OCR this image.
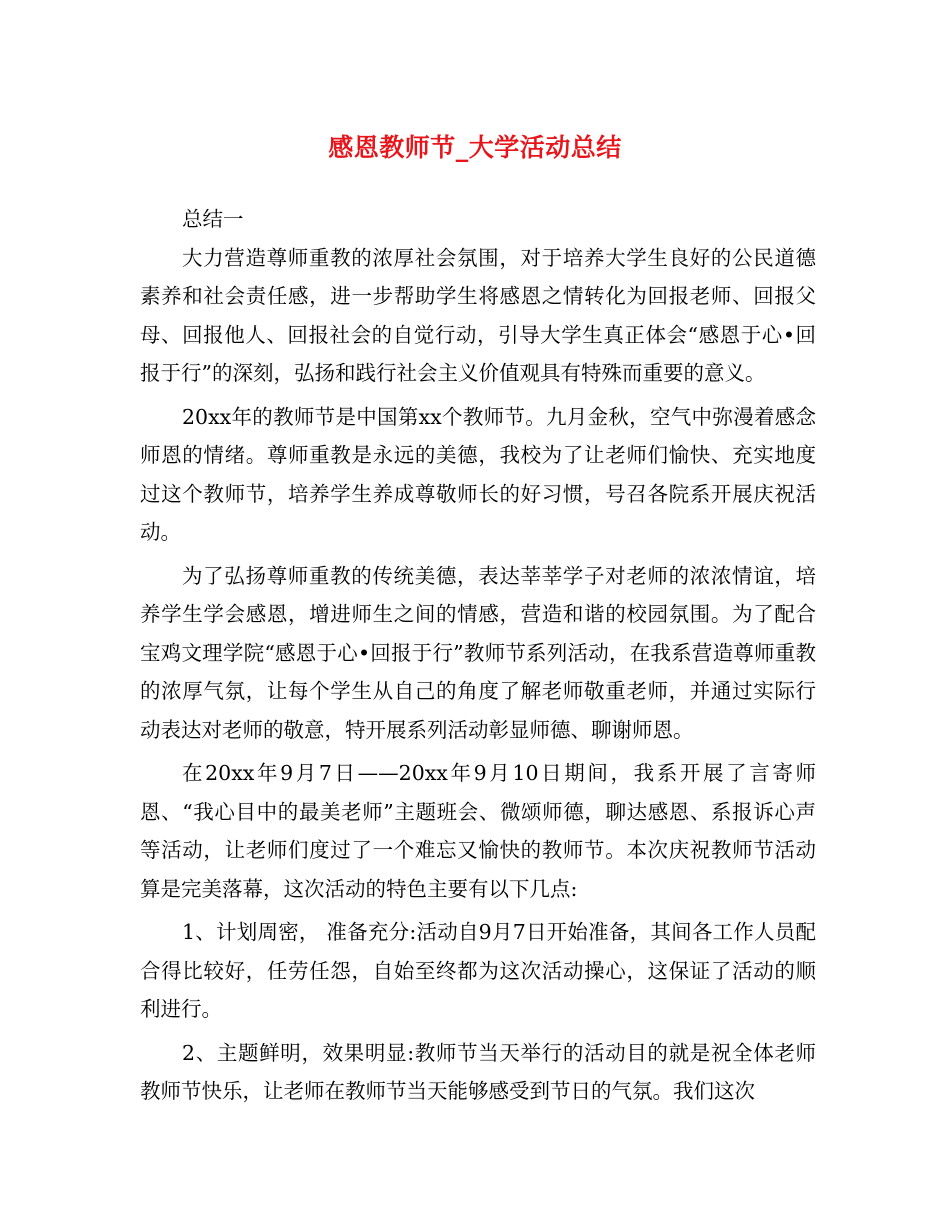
感恩教师节_大学活动总结

总结一

大力营造尊师重教的浓厚社会氛围，对于培养大学生良好的公民道德素养和社会责任感，进一步帮助学生将感恩之情转化为回报老师、回报父母、回报他人、回报社会的自觉行动，引导大学生真正体会“感恩于心•回报于行”的深刻，弘扬和践行社会主义价值观具有特殊而重要的意义。

20xx年的教师节是中国第xx个教师节。九月金秋，空气中弥漫着感念师恩的情绪。尊师重教是永远的美德，我校为了让老师们愉快、充实地度过这个教师节，培养学生养成尊敬师长的好习惯，号召各院系开展庆祝活动。

为了弘扬尊师重教的传统美德，表达莘莘学子对老师的浓浓情谊，培养学生学会感恩，增进师生之间的情感，营造和谐的校园氛围。为了配合宝鸡文理学院“感恩于心•回报于行”教师节系列活动，在我系营造尊师重教的浓厚气氛，让每个学生从自己的角度了解老师敬重老师，并通过实际行动表达对老师的敬意，特开展系列活动彰显师德、聊谢师恩。

在20xx年9月7日——20xx年9月10日期间，我系开展了言寄师恩、“我心目中的最美老师”主题班会、微颂师德，聊达感恩、系报诉心声等活动，让老师们度过了一个难忘又愉快的教师节。本次庆祝教师节活动算是完美落幕，这次活动的特色主要有以下几点:

1、计划周密， 准备充分:活动自9月7日开始准备，其间各工作人员配合得比较好，任劳任怨，自始至终都为这次活动操心，这保证了活动的顺利进行。

2、主题鲜明，效果明显:教师节当天举行的活动目的就是祝全体老师教师节快乐，让老师在教师节当天能够感受到节日的气氛。我们这次
